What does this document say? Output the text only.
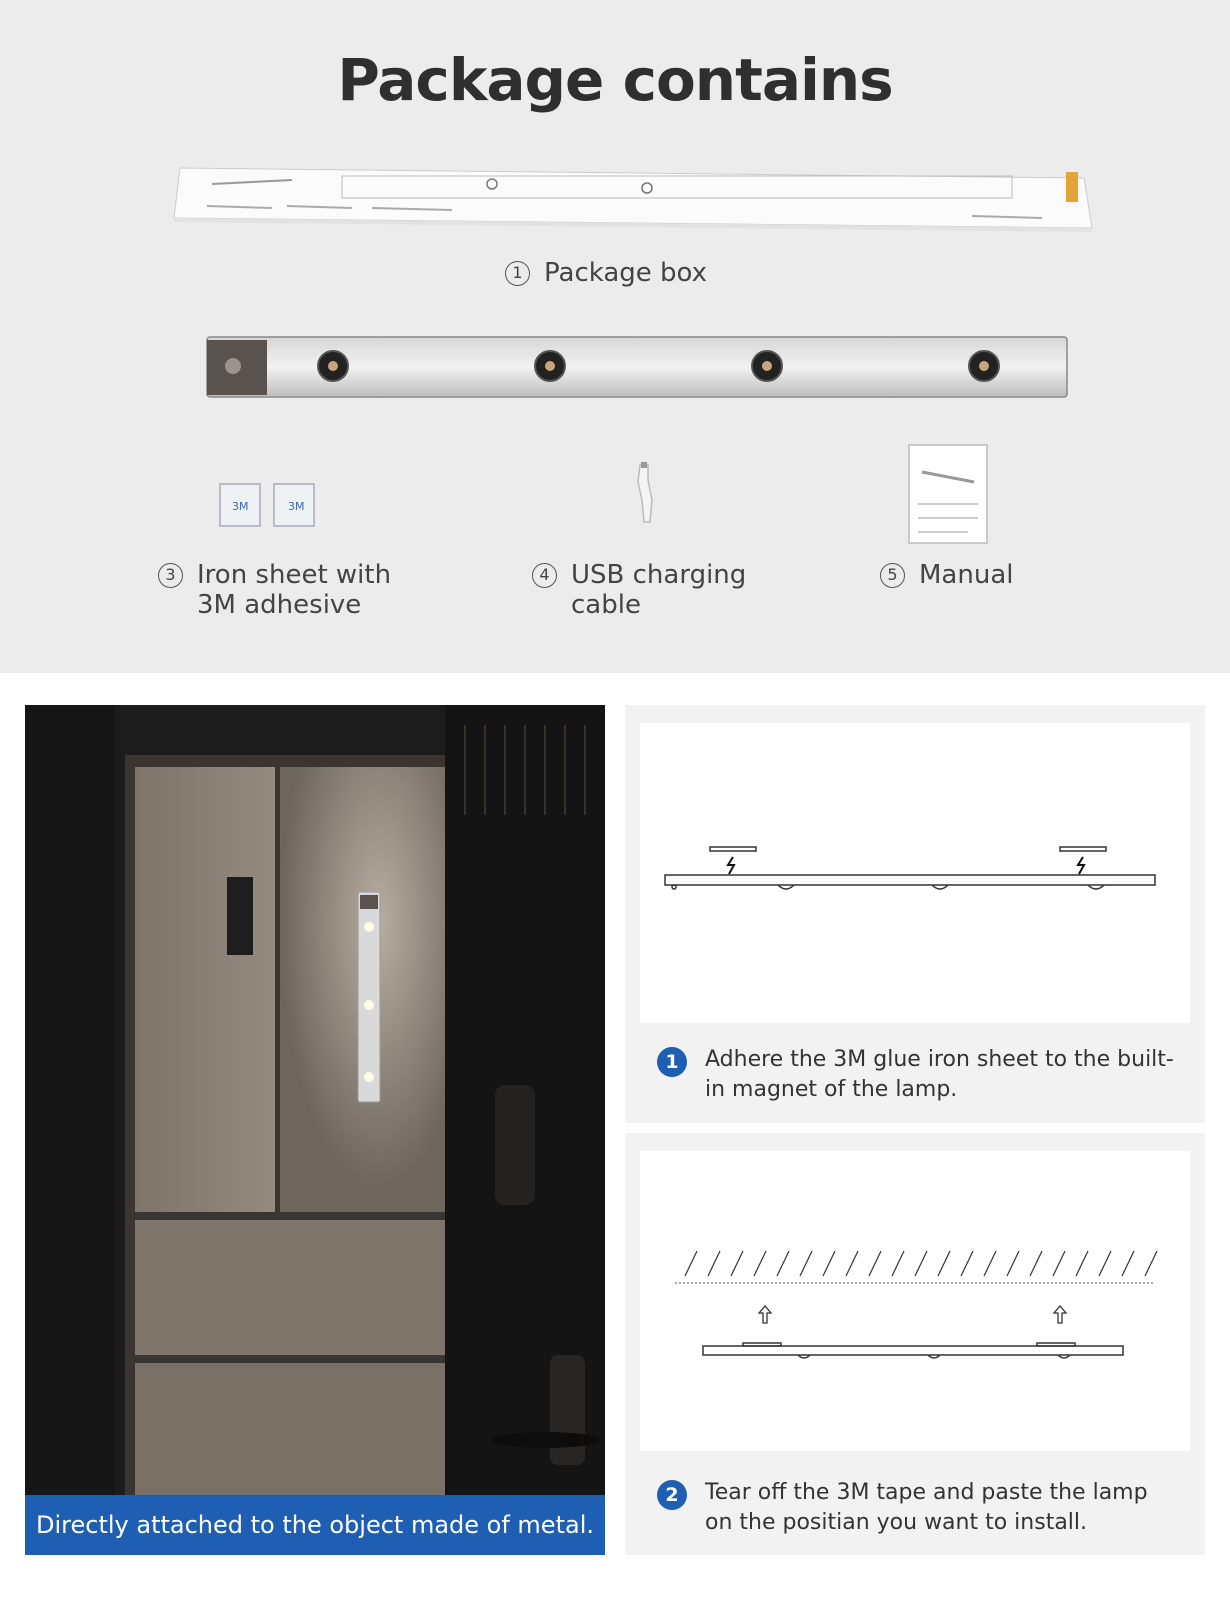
Package contains
1 Package box
3M	3M
3 Iron sheet with
3M adhesive
4 USB charging
cable
5 Manual
Directly attached to the object made of metal.
1	Adhere the 3M glue iron sheet to the built-in magnet of the lamp.
2	Tear off the 3M tape and paste the lamp on the positian you want to install.
